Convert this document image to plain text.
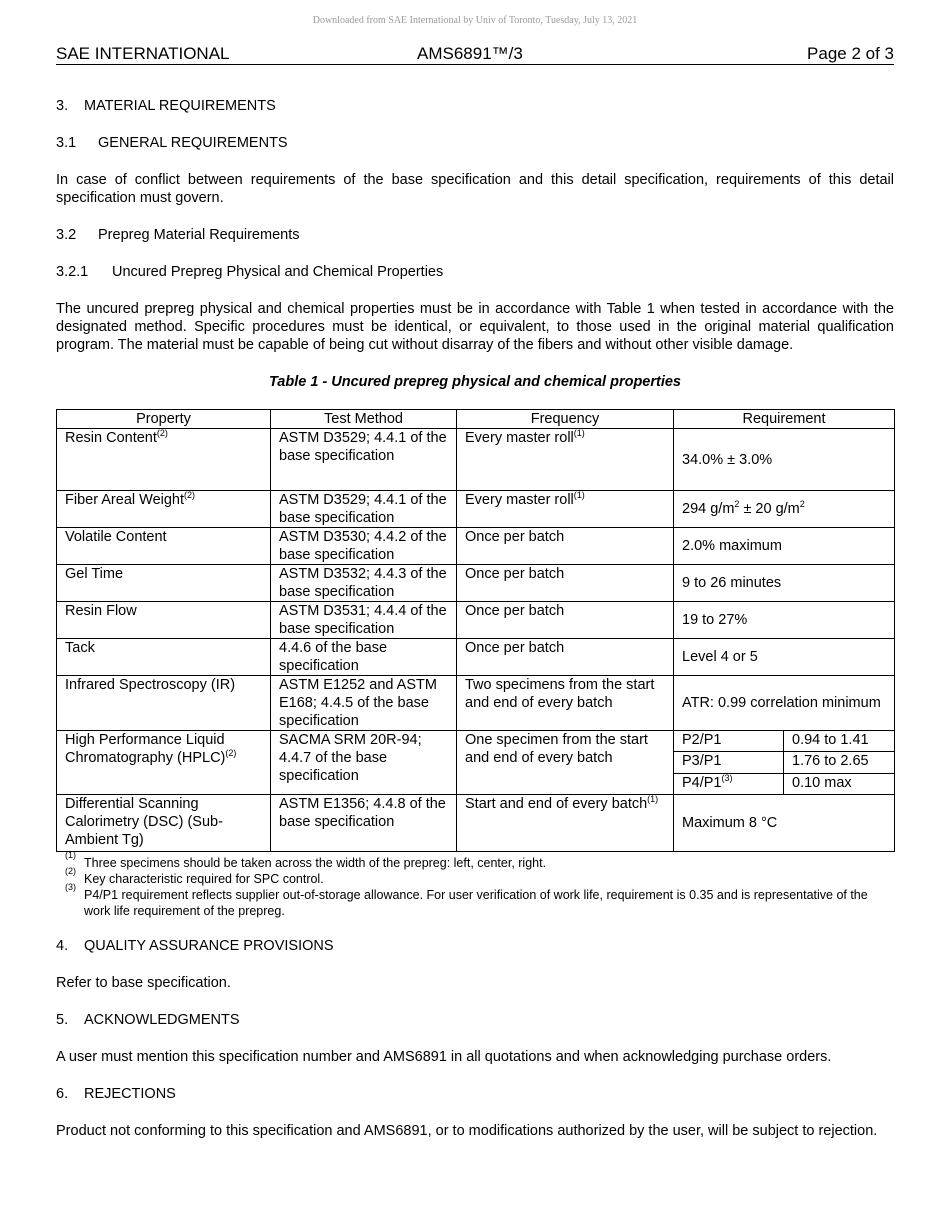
Downloaded from SAE International by Univ of Toronto, Tuesday, July 13, 2021
SAE INTERNATIONAL	AMS6891™/3	Page 2 of 3
3. MATERIAL REQUIREMENTS
3.1 GENERAL REQUIREMENTS
In case of conflict between requirements of the base specification and this detail specification, requirements of this detail specification must govern.
3.2 Prepreg Material Requirements
3.2.1 Uncured Prepreg Physical and Chemical Properties
The uncured prepreg physical and chemical properties must be in accordance with Table 1 when tested in accordance with the designated method. Specific procedures must be identical, or equivalent, to those used in the original material qualification program. The material must be capable of being cut without disarray of the fibers and without other visible damage.
Table 1 - Uncured prepreg physical and chemical properties
Property	Test Method	Frequency	Requirement	
Resin Content$^{(2)}$	ASTM D3529; 4.4.1 of the base specification	Every master roll$^{(1)}$	34.0% ± 3.0%	
Fiber Areal Weight$^{(2)}$	ASTM D3529; 4.4.1 of the base specification	Every master roll$^{(1)}$	294 $g/m^2 \pm 20$ $g/m^2$
Volatile Content	ASTM D3530; 4.4.2 of the base specification	Once per batch	2.0% maximum	
Gel Time	ASTM D3532; 4.4.3 of the base specification	Once per batch	9 to 26 minutes	
Resin Flow	ASTM D3531; 4.4.4 of the base specification	Once per batch	19 to 27%	
Tack	4.4.6 of the base specification	Once per batch	Level 4 or 5	
Infrared Spectroscopy (IR)	ASTM E1252 and ASTM E168; 4.4.5 of the base specification	Two specimens from the start and end of every batch	ATR: 0.99 correlation minimum	
High Performance Liquid Chromatography (HPLC)$^{(2)}$	SACMA SRM 20R-94; 4.4.7 of the base specification	One specimen from the start and end of every batch	P2/P1	0.94 to 1.41
			P3/P1	1.76 to 2.65
			P4/P1$^{(3)}$	0.10 max
Differential Scanning Calorimetry (DSC) (Sub-Ambient Tg)	ASTM E1356; 4.4.8 of the base specification	Start and end of every batch$^{(1)}$	Maximum 8 °C	
(1)
Three specimens should be taken across the width of the prepreg: left, center, right.
(2)
Key characteristic required for SPC control.
(3)
P4/P1 requirement reflects supplier out-of-storage allowance. For user verification of work life, requirement is 0.35 and is representative of the work life requirement of the prepreg.
4. QUALITY ASSURANCE PROVISIONS
Refer to base specification.
5. ACKNOWLEDGMENTS
A user must mention this specification number and AMS6891 in all quotations and when acknowledging purchase orders.
6. REJECTIONS
Product not conforming to this specification and AMS6891, or to modifications authorized by the user, will be subject to rejection.
